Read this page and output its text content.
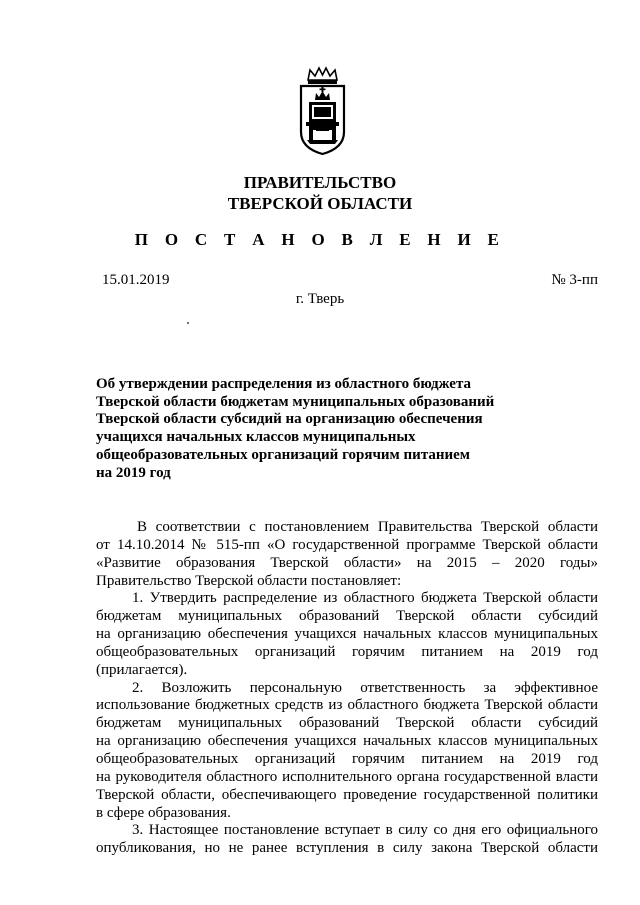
ПРАВИТЕЛЬСТВО
ТВЕРСКОЙ ОБЛАСТИ
П О С Т А Н О В Л Е Н И Е
15.01.2019	№ 3-пп
г. Тверь
Об утверждении распределения из областного бюджета
Тверской области бюджетам муниципальных образований
Тверской области субсидий на организацию обеспечения
учащихся начальных классов муниципальных
общеобразовательных организаций горячим питанием
на 2019 год
В соответствии с постановлением Правительства Тверской области
от 14.10.2014 № 515-пп «О государственной программе Тверской области
«Развитие образования Тверской области» на 2015 – 2020 годы»
Правительство Тверской области постановляет:
1. Утвердить распределение из областного бюджета Тверской области
бюджетам муниципальных образований Тверской области субсидий
на организацию обеспечения учащихся начальных классов муниципальных
общеобразовательных организаций горячим питанием на 2019 год
(прилагается).
2. Возложить персональную ответственность за эффективное
использование бюджетных средств из областного бюджета Тверской области
бюджетам муниципальных образований Тверской области субсидий
на организацию обеспечения учащихся начальных классов муниципальных
общеобразовательных организаций горячим питанием на 2019 год
на руководителя областного исполнительного органа государственной власти
Тверской области, обеспечивающего проведение государственной политики
в сфере образования.
3. Настоящее постановление вступает в силу со дня его официального
опубликования, но не ранее вступления в силу закона Тверской области
